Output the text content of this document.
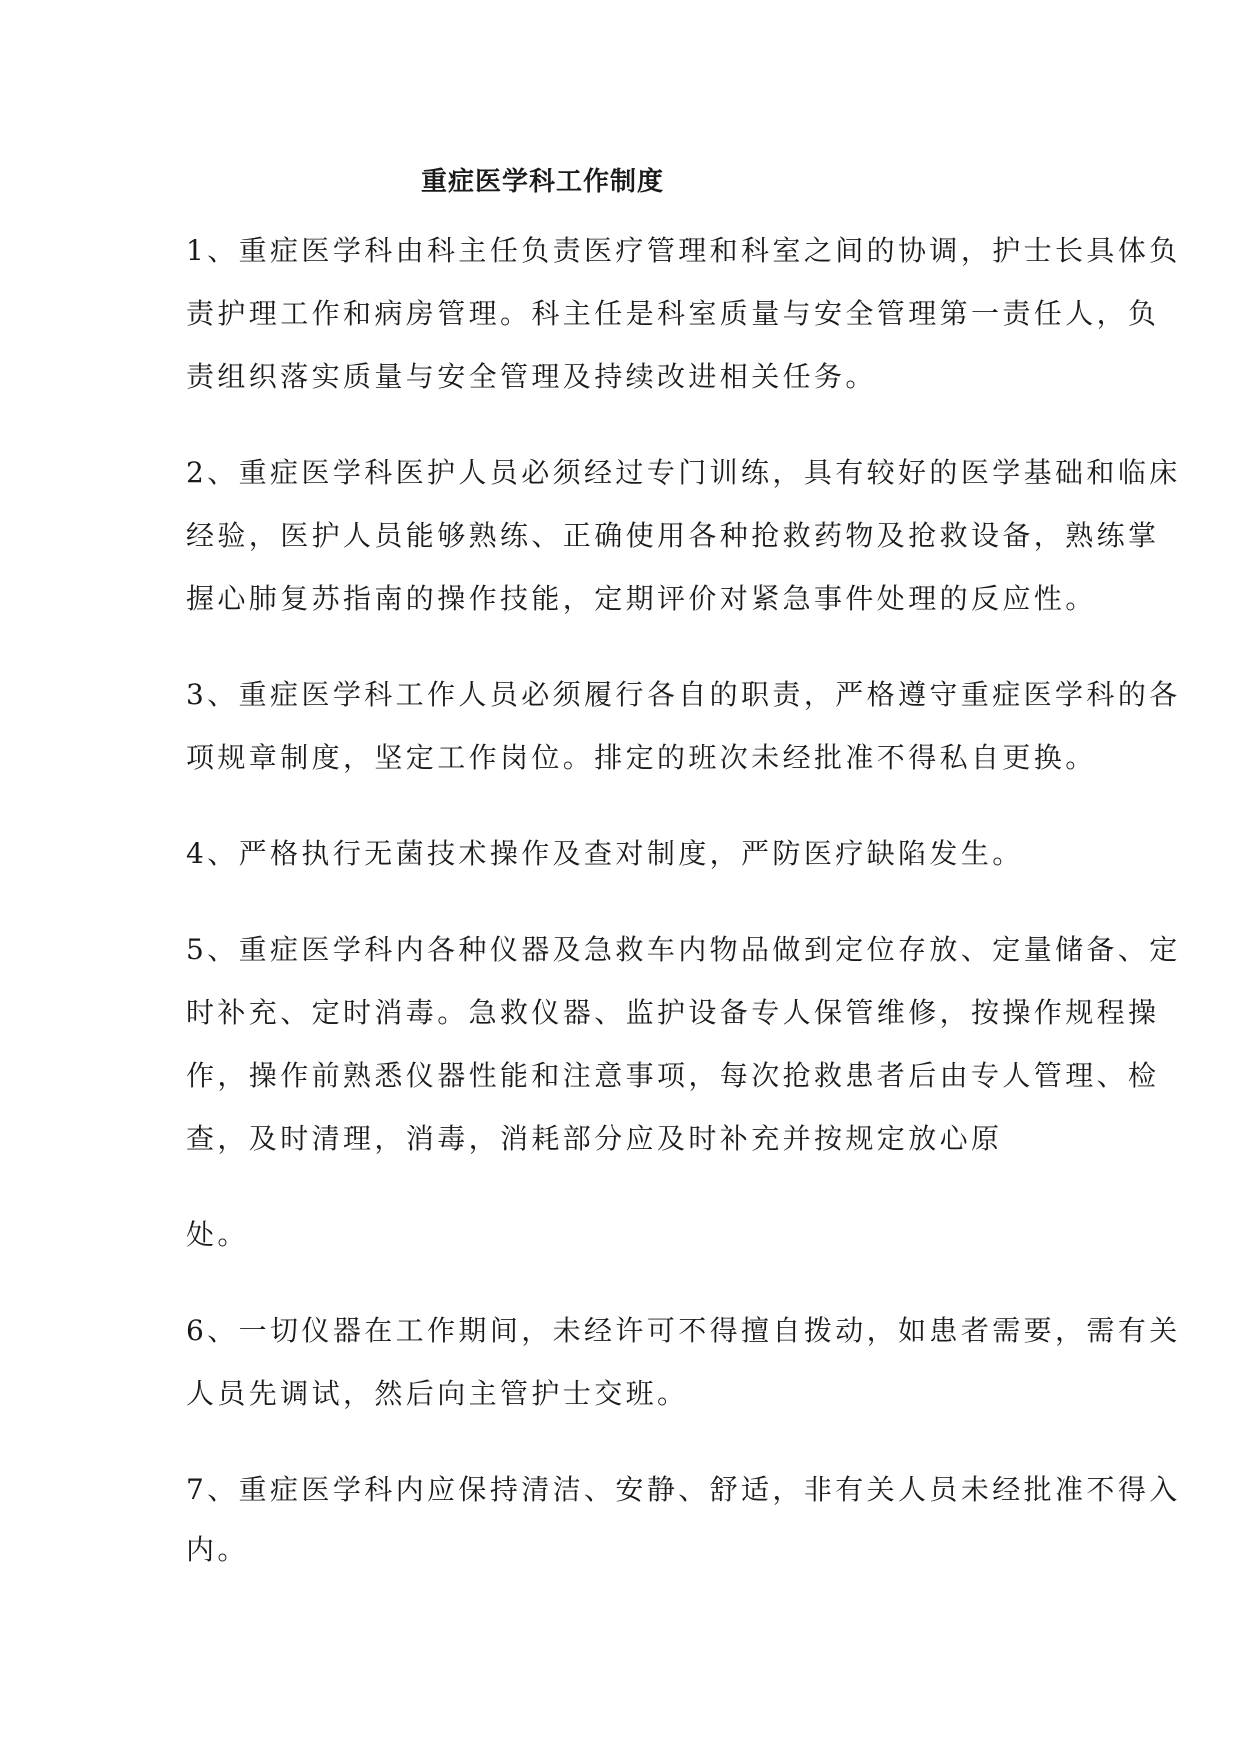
重症医学科工作制度
1、重症医学科由科主任负责医疗管理和科室之间的协调，护士长具体负
责护理工作和病房管理。科主任是科室质量与安全管理第一责任人，负
责组织落实质量与安全管理及持续改进相关任务。
2、重症医学科医护人员必须经过专门训练，具有较好的医学基础和临床
经验，医护人员能够熟练、正确使用各种抢救药物及抢救设备，熟练掌
握心肺复苏指南的操作技能，定期评价对紧急事件处理的反应性。
3、重症医学科工作人员必须履行各自的职责，严格遵守重症医学科的各
项规章制度，坚定工作岗位。排定的班次未经批准不得私自更换。
4、严格执行无菌技术操作及查对制度，严防医疗缺陷发生。
5、重症医学科内各种仪器及急救车内物品做到定位存放、定量储备、定
时补充、定时消毒。急救仪器、监护设备专人保管维修，按操作规程操
作，操作前熟悉仪器性能和注意事项，每次抢救患者后由专人管理、检
查，及时清理，消毒，消耗部分应及时补充并按规定放心原
处。
6、一切仪器在工作期间，未经许可不得擅自拨动，如患者需要，需有关
人员先调试，然后向主管护士交班。
7、重症医学科内应保持清洁、安静、舒适，非有关人员未经批准不得入
内。
